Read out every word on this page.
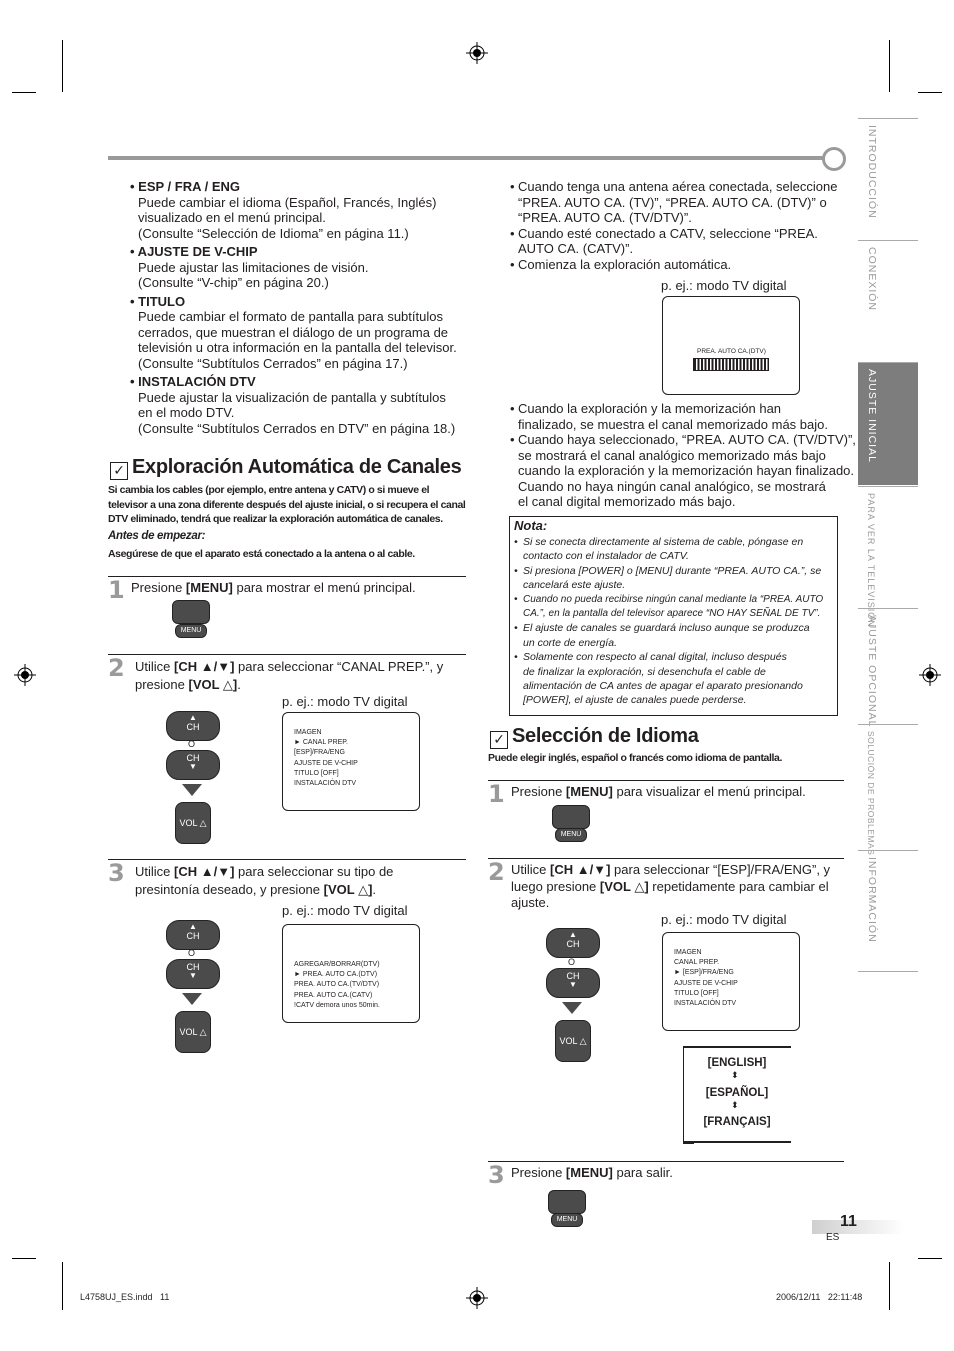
INTRODUCCIÓN
CONEXIÓN
AJUSTE INICIAL
PARA VER LA TELEVISIÓN
AJUSTE OPCIONAL
SOLUCIÓN DE PROBLEMAS
INFORMACIÓN
• ESP / FRA / ENG
Puede cambiar el idioma (Español, Francés, Inglés)
visualizado en el menú principal.
(Consulte “Selección de Idioma” en página 11.)
• AJUSTE DE V-CHIP
Puede ajustar las limitaciones de visión.
(Consulte “V-chip” en página 20.)
• TITULO
Puede cambiar el formato de pantalla para subtítulos
cerrados, que muestran el diálogo de un programa de
televisión u otra información en la pantalla del televisor.
(Consulte “Subtítulos Cerrados” en página 17.)
• INSTALACIÓN DTV
Puede ajustar la visualización de pantalla y subtítulos
en el modo DTV.
(Consulte “Subtítulos Cerrados en DTV” en página 18.)
✓ Exploración Automática de Canales
Si cambia los cables (por ejemplo, entre antena y CATV) o si mueve el
televisor a una zona diferente después del ajuste inicial, o si recupera el canal
DTV eliminado, tendrá que realizar la exploración automática de canales.
Antes de empezar:
Asegúrese de que el aparato está conectado a la antena o al cable.
1 Presione [MENU] para mostrar el menú principal.
MENU
2 Utilice [CH ▲/▼] para seleccionar “CANAL PREP.”, y
presione [VOL △].
p. ej.: modo TV digital
▲
CH
O
CH
▼
VOL △
IMAGEN
► CANAL PREP.
[ESP]/FRA/ENG
AJUSTE DE V-CHIP
TITULO [OFF]
INSTALACIÓN DTV
3 Utilice [CH ▲/▼] para seleccionar su tipo de
presintonía deseado, y presione [VOL △].
p. ej.: modo TV digital
▲
CH
O
CH
▼
VOL △
AGREGAR/BORRAR(DTV)
► PREA. AUTO CA.(DTV)
PREA. AUTO CA.(TV/DTV)
PREA. AUTO CA.(CATV)
!CATV demora unos 50min.
• Cuando tenga una antena aérea conectada, seleccione
“PREA. AUTO CA. (TV)”, “PREA. AUTO CA. (DTV)” o
“PREA. AUTO CA. (TV/DTV)”.
• Cuando esté conectado a CATV, seleccione “PREA.
AUTO CA. (CATV)”.
• Comienza la exploración automática.
p. ej.: modo TV digital
PREA. AUTO CA.(DTV)
• Cuando la exploración y la memorización han
finalizado, se muestra el canal memorizado más bajo.
• Cuando haya seleccionado, “PREA. AUTO CA. (TV/DTV)”,
se mostrará el canal analógico memorizado más bajo
cuando la exploración y la memorización hayan finalizado.
Cuando no haya ningún canal analógico, se mostrará
el canal digital memorizado más bajo.
Nota:
• Si se conecta directamente al sistema de cable, póngase en
contacto con el instalador de CATV.
• Si presiona [POWER] o [MENU] durante “PREA. AUTO CA.”, se
cancelará este ajuste.
• Cuando no pueda recibirse ningún canal mediante la “PREA. AUTO
CA.”, en la pantalla del televisor aparece “NO HAY SEÑAL DE TV”.
• El ajuste de canales se guardará incluso aunque se produzca
un corte de energía.
• Solamente con respecto al canal digital, incluso después
de finalizar la exploración, si desenchufa el cable de
alimentación de CA antes de apagar el aparato presionando
[POWER], el ajuste de canales puede perderse.
✓ Selección de Idioma
Puede elegir inglés, español o francés como idioma de pantalla.
1 Presione [MENU] para visualizar el menú principal.
MENU
2 Utilice [CH ▲/▼] para seleccionar “[ESP]/FRA/ENG”, y
luego presione [VOL △] repetidamente para cambiar el
ajuste.
p. ej.: modo TV digital
▲
CH
O
CH
▼
VOL △
IMAGEN
CANAL PREP.
► [ESP]/FRA/ENG
AJUSTE DE V-CHIP
TITULO [OFF]
INSTALACIÓN DTV
[ENGLISH]
⬍
[ESPAÑOL]
⬍
[FRANÇAIS]
3 Presione [MENU] para salir.
MENU	11
ES
L4758UJ_ES.indd   11	2006/12/11   22:11:48
